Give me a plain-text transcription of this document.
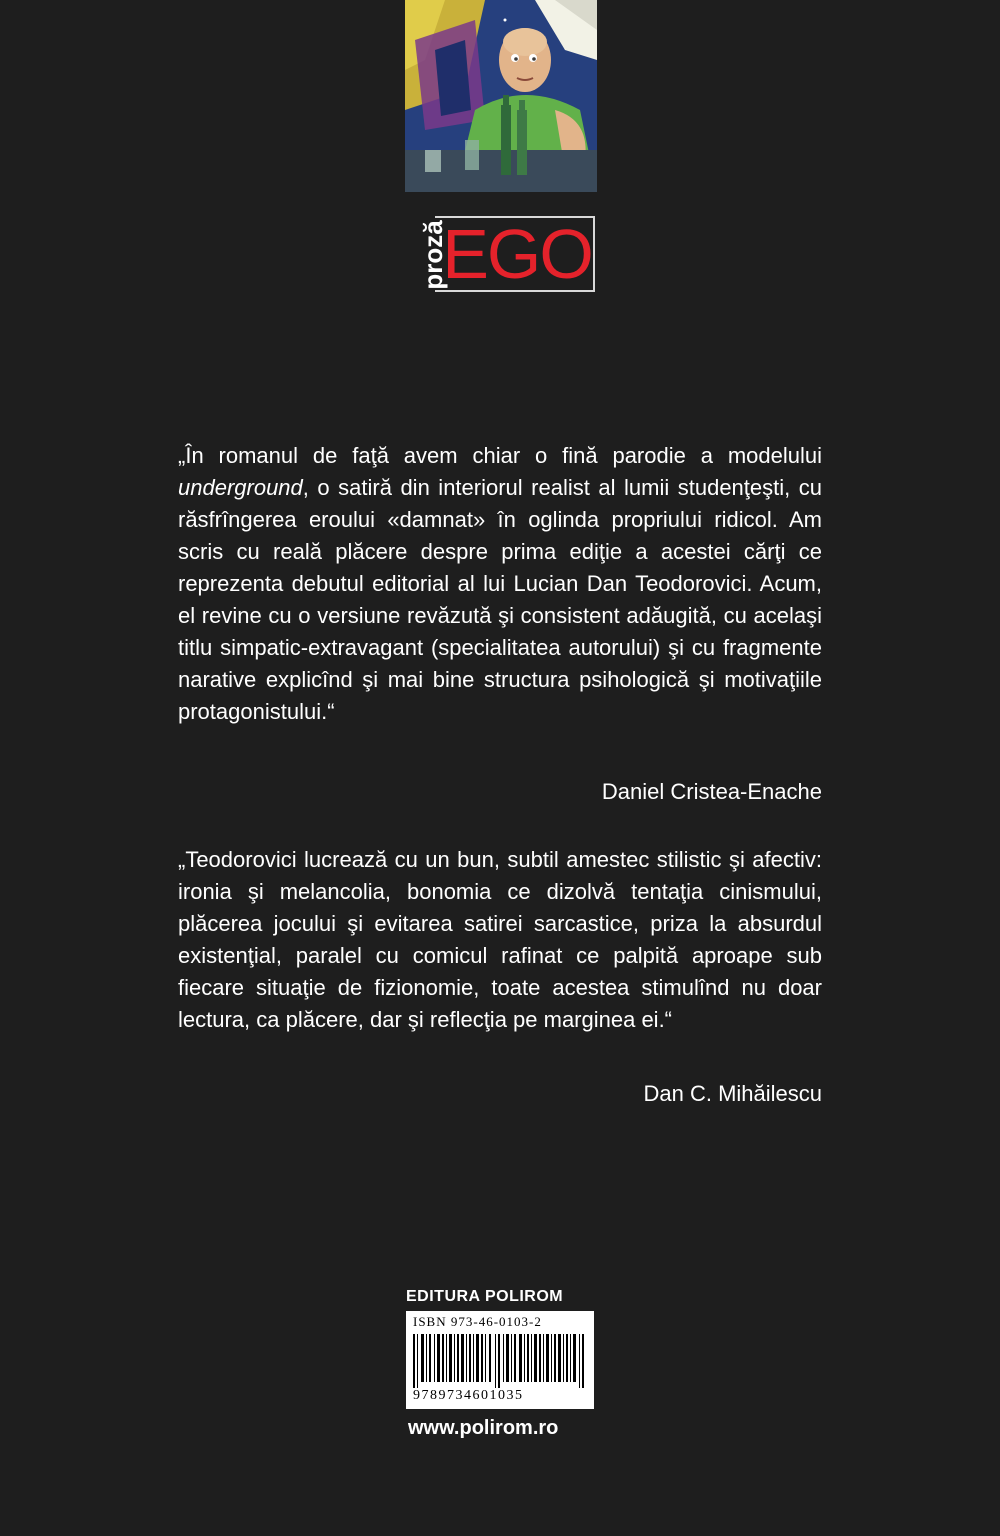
proză
EGO

„În romanul de faţă avem chiar o fină parodie a modelului underground, o satiră din interiorul realist al lumii studenţeşti, cu răsfrîngerea eroului «damnat» în oglinda propriului ridicol. Am scris cu reală plăcere despre prima ediţie a acestei cărţi ce reprezenta debutul editorial al lui Lucian Dan Teodorovici. Acum, el revine cu o versiune revăzută şi consistent adăugită, cu acelaşi titlu simpatic-extravagant (specialitatea autorului) şi cu fragmente narative explicînd şi mai bine structura psihologică şi motivaţiile protagonistului.“

Daniel Cristea-Enache

„Teodorovici lucrează cu un bun, subtil amestec stilistic şi afectiv: ironia şi melancolia, bonomia ce dizolvă tentaţia cinismului, plăcerea jocului şi evitarea satirei sarcastice, priza la absurdul existenţial, paralel cu comicul rafinat ce palpită aproape sub fiecare situaţie de fizionomie, toate acestea stimulînd nu doar lectura, ca plăcere, dar şi reflecţia pe marginea ei.“

Dan C. Mihăilescu
EDITURA POLIROM
ISBN 973-46-0103-2
9789734601035
www.polirom.ro
